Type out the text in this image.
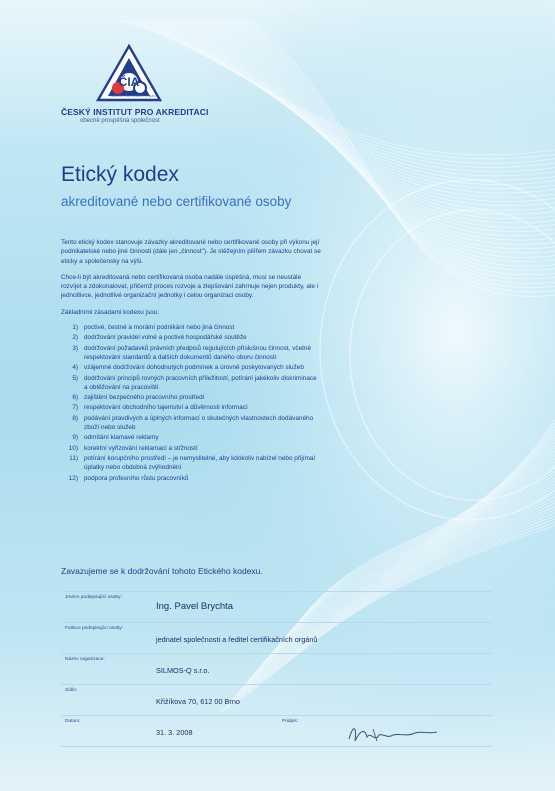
ČIA
Národní akreditační orgán
ČESKÝ INSTITUT PRO AKREDITACI
obecně prospěšná společnost
Etický kodex
akreditované nebo certifikované osoby

Tento etický kodex stanovuje závazky akreditované nebo certifikované osoby při výkonu její podnikatelské nebo jiné činnosti (dále jen „činnost"). Je stěžejním pilířem závazku chovat se eticky a společensky na výši.

Chce-li být akreditovaná nebo certifikovaná osoba nadále úspěšná, musí se neustále rozvíjet a zdokonalovat, přičemž proces rozvoje a zlepšování zahrnuje nejen produkty, ale i jednotlivce, jednotlivé organizační jednotky i celou organizaci osoby.

Základními zásadami kodexu jsou:

1) poctivé, čestné a morální podnikání nebo jiná činnost
2) dodržování pravidel volné a poctivé hospodářské soutěže
3) dodržování požadavků právních předpisů regulujících příslušnou činnost, včetně respektování standardů a dalších dokumentů daného oboru činnosti
4) vzájemné dodržování dohodnutých podmínek a úrovně poskytovaných služeb
5) dodržování principů rovných pracovních příležitostí, potírání jakékoliv diskriminace a obtěžování na pracovišti
6) zajištění bezpečného pracovního prostředí
7) respektování obchodního tajemství a důvěrnosti informací
8) podávání pravdivých a úplných informací o skutečných vlastnostech dodávaného zboží nebo služeb
9) odmítání klamavé reklamy
10) korektní vyřizování reklamací a stížností
11) potírání korupčního prostředí – je nemyslitelné, aby kdokoliv nabízel nebo přijímal úplatky nebo obdobná zvýhodnění
12) podpora profesního růstu pracovníků
Zavazujeme se k dodržování tohoto Etického kodexu.
Jméno podepisující osoby:
Ing. Pavel Brychta
Funkce podepisující osoby:
jednatel společnosti a ředitel certifikačních orgánů
Název organizace:
SILMOS-Q s.r.o.
Sídlo:
Křižíkova 70, 612 00 Brno
Datum:
31. 3. 2008
Podpis:
